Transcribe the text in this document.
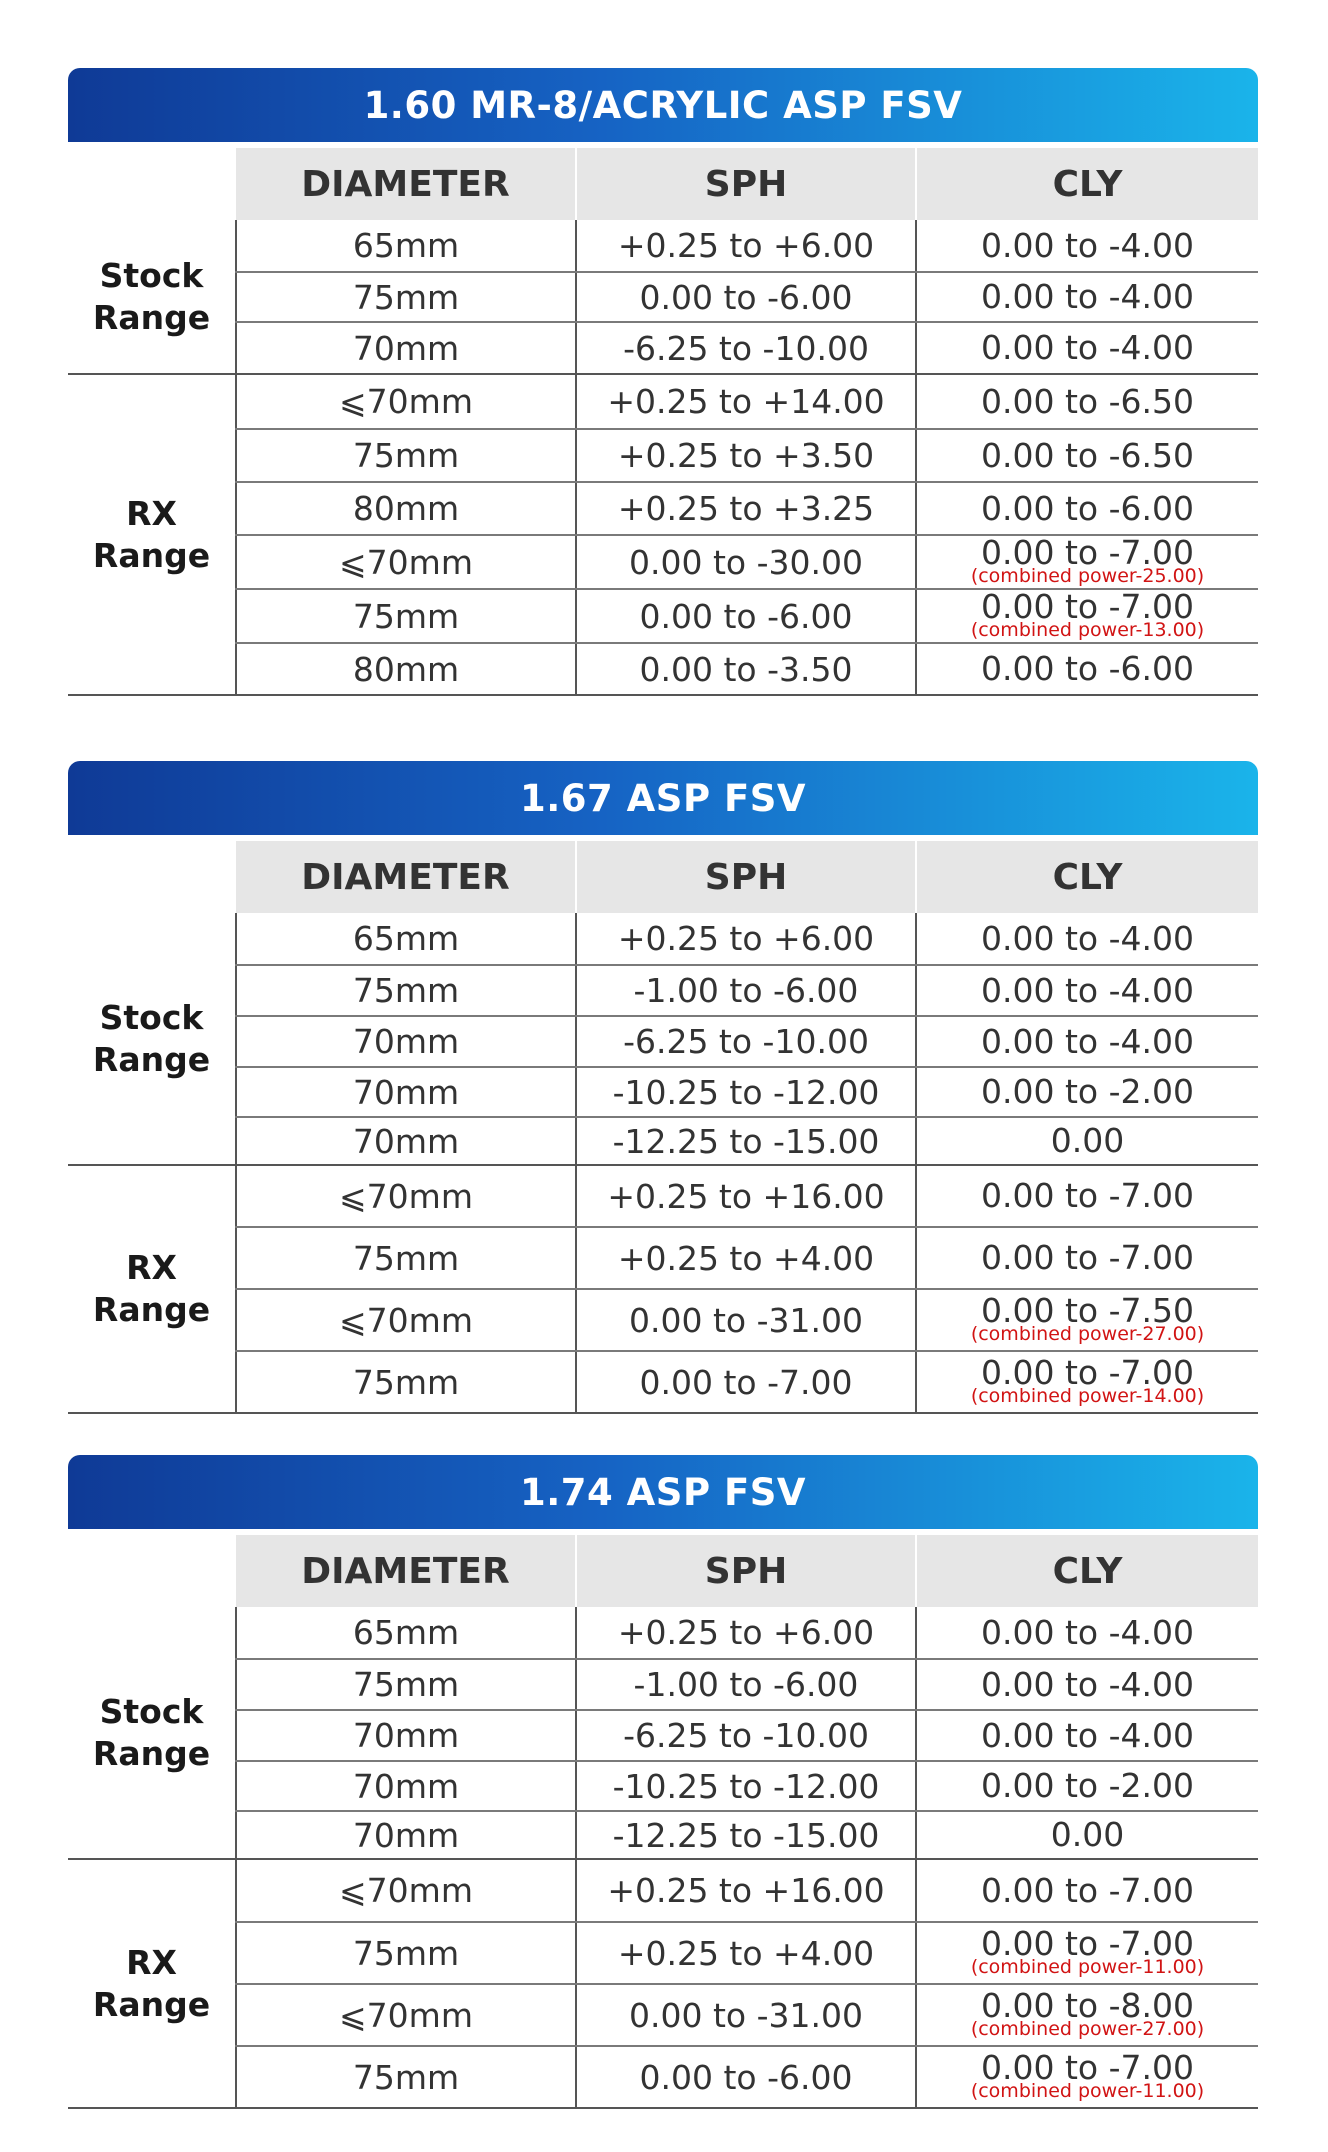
1.60 MR-8/ACRYLIC ASP FSV

	DIAMETER	SPH	CLY
Stock
Range	65mm	+0.25 to +6.00	0.00 to -4.00

	75mm	0.00 to -6.00	0.00 to -4.00

	70mm	-6.25 to -10.00	0.00 to -4.00

RX
Range	⩽70mm	+0.25 to +14.00	0.00 to -6.50

	75mm	+0.25 to +3.50	0.00 to -6.50

	80mm	+0.25 to +3.25	0.00 to -6.00

	⩽70mm	0.00 to -30.00	0.00 to -7.00
(combined power-25.00)

	75mm	0.00 to -6.00	0.00 to -7.00
(combined power-13.00)

	80mm	0.00 to -3.50	0.00 to -6.00
1.67 ASP FSV

	DIAMETER	SPH	CLY
Stock
Range	65mm	+0.25 to +6.00	0.00 to -4.00

	75mm	-1.00 to -6.00	0.00 to -4.00

	70mm	-6.25 to -10.00	0.00 to -4.00

	70mm	-10.25 to -12.00	0.00 to -2.00

	70mm	-12.25 to -15.00	0.00

RX
Range	⩽70mm	+0.25 to +16.00	0.00 to -7.00

	75mm	+0.25 to +4.00	0.00 to -7.00

	⩽70mm	0.00 to -31.00	0.00 to -7.50
(combined power-27.00)

	75mm	0.00 to -7.00	0.00 to -7.00
(combined power-14.00)
1.74 ASP FSV

	DIAMETER	SPH	CLY
Stock
Range	65mm	+0.25 to +6.00	0.00 to -4.00

	75mm	-1.00 to -6.00	0.00 to -4.00

	70mm	-6.25 to -10.00	0.00 to -4.00

	70mm	-10.25 to -12.00	0.00 to -2.00

	70mm	-12.25 to -15.00	0.00

RX
Range	⩽70mm	+0.25 to +16.00	0.00 to -7.00

	75mm	+0.25 to +4.00	0.00 to -7.00
(combined power-11.00)

	⩽70mm	0.00 to -31.00	0.00 to -8.00
(combined power-27.00)

	75mm	0.00 to -6.00	0.00 to -7.00
(combined power-11.00)
